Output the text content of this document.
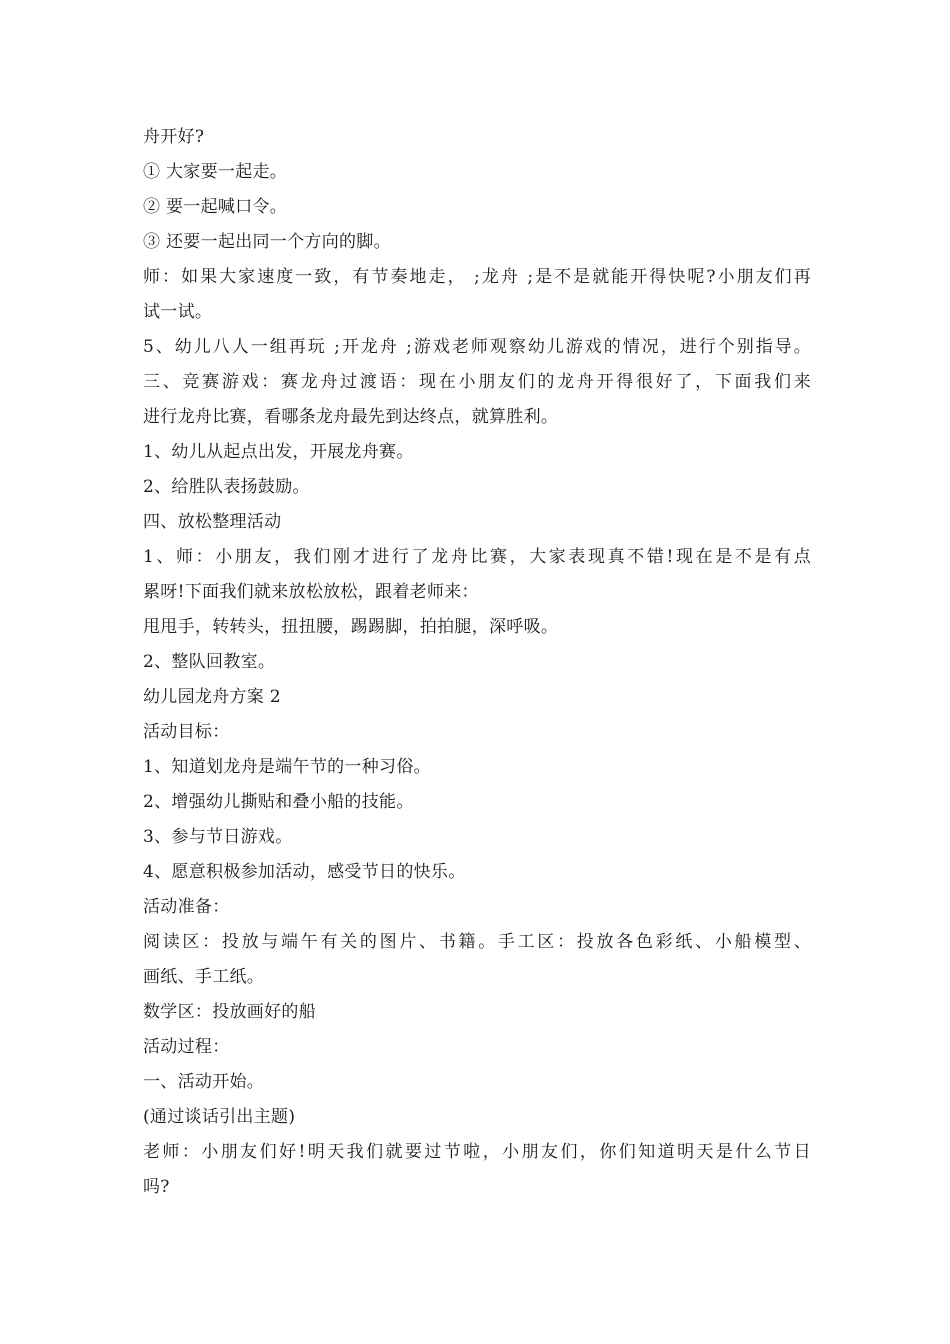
舟开好?
① 大家要一起走。
② 要一起喊口令。
③ 还要一起出同一个方向的脚。
师：如果大家速度一致，有节奏地走， ;龙舟 ;是不是就能开得快呢?小朋友们再
试一试。
5、幼儿八人一组再玩 ;开龙舟 ;游戏老师观察幼儿游戏的情况，进行个别指导。
三、竞赛游戏：赛龙舟过渡语：现在小朋友们的龙舟开得很好了，下面我们来
进行龙舟比赛，看哪条龙舟最先到达终点，就算胜利。
1、幼儿从起点出发，开展龙舟赛。
2、给胜队表扬鼓励。
四、放松整理活动
1、师：小朋友，我们刚才进行了龙舟比赛，大家表现真不错!现在是不是有点
累呀!下面我们就来放松放松，跟着老师来：
甩甩手，转转头，扭扭腰，踢踢脚，拍拍腿，深呼吸。
2、整队回教室。
幼儿园龙舟方案 2
活动目标：
1、知道划龙舟是端午节的一种习俗。
2、增强幼儿撕贴和叠小船的技能。
3、参与节日游戏。
4、愿意积极参加活动，感受节日的快乐。
活动准备：
阅读区：投放与端午有关的图片、书籍。手工区：投放各色彩纸、小船模型、
画纸、手工纸。
数学区：投放画好的船
活动过程：
一、活动开始。
(通过谈话引出主题)
老师：小朋友们好!明天我们就要过节啦，小朋友们，你们知道明天是什么节日
吗?
